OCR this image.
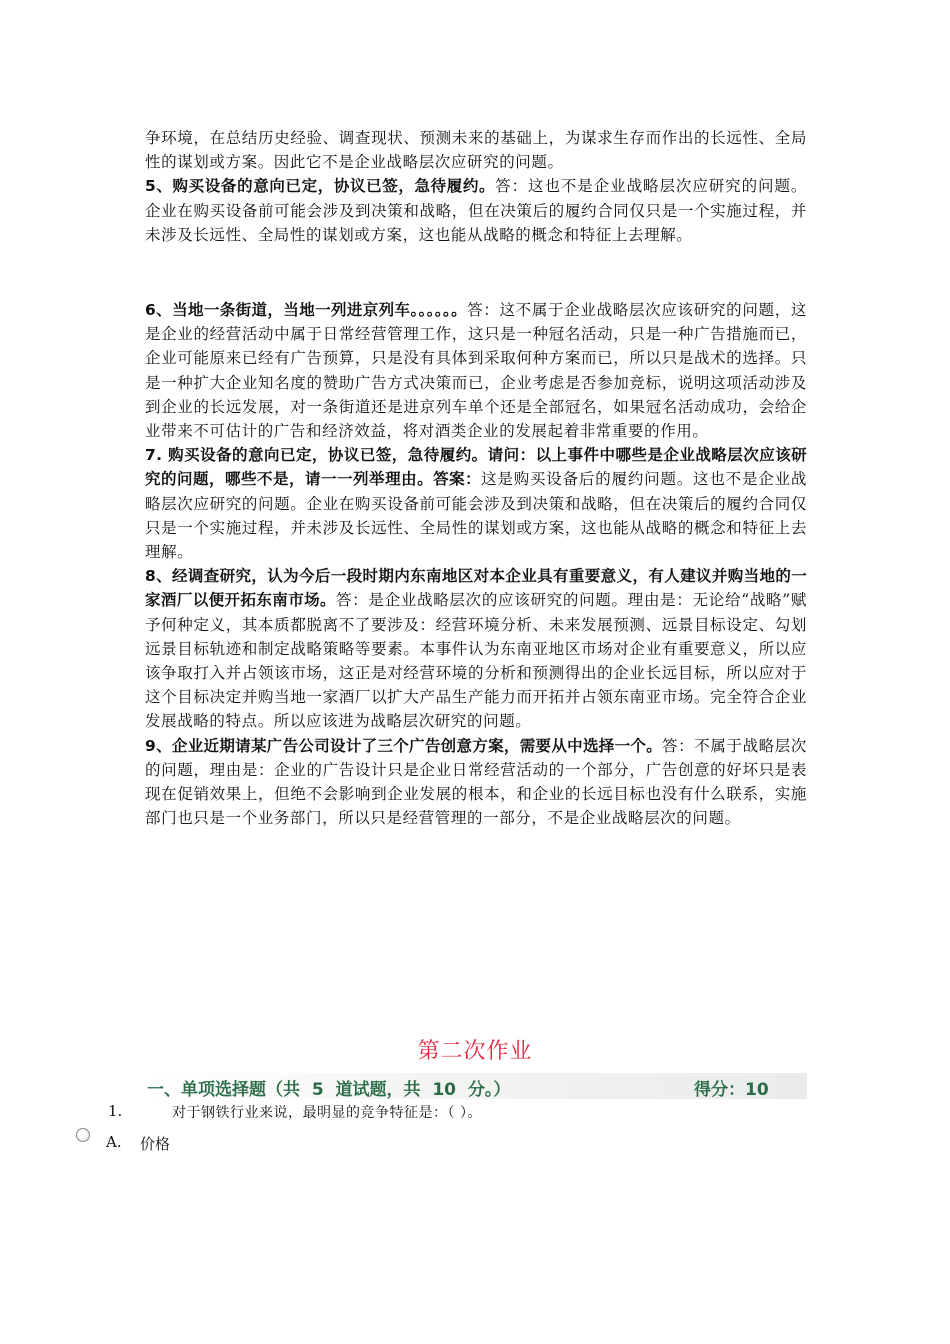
争环境，在总结历史经验、调查现状、预测未来的基础上，为谋求生存而作出的长远性、全局性的谋划或方案。因此它不是企业战略层次应研究的问题。

5、购买设备的意向已定，协议已签，急待履约。答：这也不是企业战略层次应研究的问题。企业在购买设备前可能会涉及到决策和战略，但在决策后的履约合同仅只是一个实施过程，并未涉及长远性、全局性的谋划或方案，这也能从战略的概念和特征上去理解。

6、当地一条街道，当地一列进京列车。。。。。。答：这不属于企业战略层次应该研究的问题，这是企业的经营活动中属于日常经营管理工作，这只是一种冠名活动，只是一种广告措施而已，企业可能原来已经有广告预算，只是没有具体到采取何种方案而已，所以只是战术的选择。只是一种扩大企业知名度的赞助广告方式决策而已，企业考虑是否参加竞标，说明这项活动涉及到企业的长远发展，对一条街道还是进京列车单个还是全部冠名，如果冠名活动成功，会给企业带来不可估计的广告和经济效益，将对酒类企业的发展起着非常重要的作用。

7. 购买设备的意向已定，协议已签，急待履约。请问：以上事件中哪些是企业战略层次应该研究的问题，哪些不是，请一一列举理由。答案：这是购买设备后的履约问题。这也不是企业战略层次应研究的问题。企业在购买设备前可能会涉及到决策和战略，但在决策后的履约合同仅只是一个实施过程，并未涉及长远性、全局性的谋划或方案，这也能从战略的概念和特征上去理解。

8、经调查研究，认为今后一段时期内东南地区对本企业具有重要意义，有人建议并购当地的一家酒厂以便开拓东南市场。答：是企业战略层次的应该研究的问题。理由是：无论给“战略”赋予何种定义，其本质都脱离不了要涉及：经营环境分析、未来发展预测、远景目标设定、勾划远景目标轨迹和制定战略策略等要素。本事件认为东南亚地区市场对企业有重要意义，所以应该争取打入并占领该市场，这正是对经营环境的分析和预测得出的企业长远目标，所以应对于这个目标决定并购当地一家酒厂以扩大产品生产能力而开拓并占领东南亚市场。完全符合企业发展战略的特点。所以应该进为战略层次研究的问题。

9、企业近期请某广告公司设计了三个广告创意方案，需要从中选择一个。答：不属于战略层次的问题，理由是：企业的广告设计只是企业日常经营活动的一个部分，广告创意的好坏只是表现在促销效果上，但绝不会影响到企业发展的根本，和企业的长远目标也没有什么联系，实施部门也只是一个业务部门，所以只是经营管理的一部分，不是企业战略层次的问题。

第二次作业
一、单项选择题（共  5  道试题，共  10  分。）	得分：10
1.	对于钢铁行业来说，最明显的竞争特征是：（ ）。
A. 价格
